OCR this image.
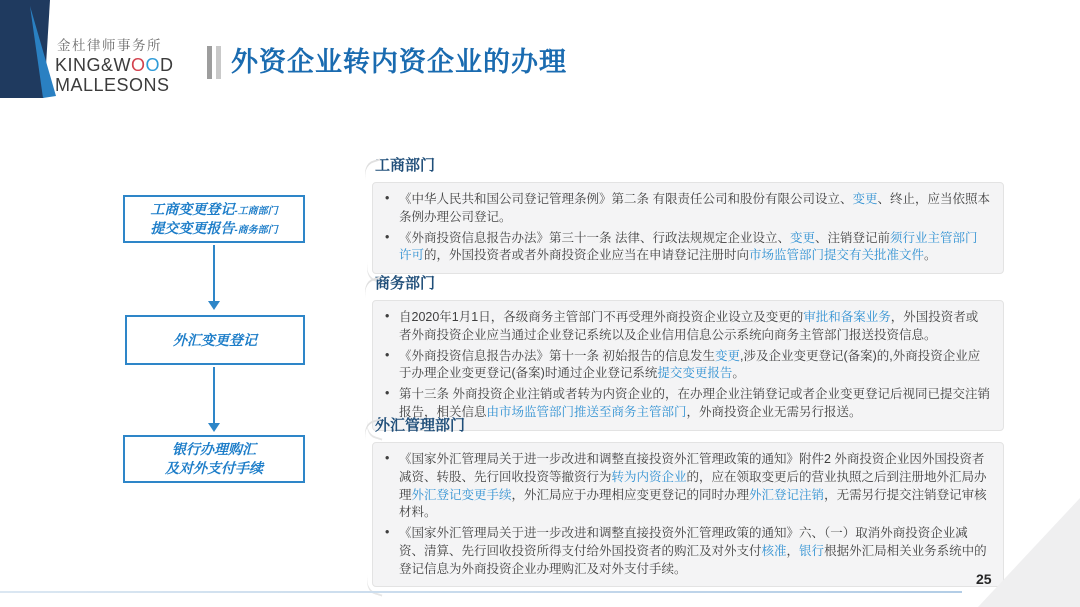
金杜律师事务所

KING&WOOD

MALLESONS

外资企业转内资企业的办理
工商变更登记-工商部门
提交变更报告-商务部门
外汇变更登记
银行办理购汇
及对外支付手续
工商部门
• 《中华人民共和国公司登记管理条例》第二条 有限责任公司和股份有限公司设立、变更、终止，应当依照本条例办理公司登记。
• 《外商投资信息报告办法》第三十一条 法律、行政法规规定企业设立、变更、注销登记前须行业主管部门许可的，外国投资者或者外商投资企业应当在申请登记注册时向市场监管部门提交有关批准文件。
商务部门
• 自2020年1月1日，各级商务主管部门不再受理外商投资企业设立及变更的审批和备案业务，外国投资者或者外商投资企业应当通过企业登记系统以及企业信用信息公示系统向商务主管部门报送投资信息。
• 《外商投资信息报告办法》第十一条 初始报告的信息发生变更,涉及企业变更登记(备案)的,外商投资企业应于办理企业变更登记(备案)时通过企业登记系统提交变更报告。
• 第十三条 外商投资企业注销或者转为内资企业的，在办理企业注销登记或者企业变更登记后视同已提交注销报告，相关信息由市场监管部门推送至商务主管部门，外商投资企业无需另行报送。
外汇管理部门
• 《国家外汇管理局关于进一步改进和调整直接投资外汇管理政策的通知》附件2 外商投资企业因外国投资者减资、转股、先行回收投资等撤资行为转为内资企业的，应在领取变更后的营业执照之后到注册地外汇局办理外汇登记变更手续，外汇局应于办理相应变更登记的同时办理外汇登记注销，无需另行提交注销登记审核材料。
• 《国家外汇管理局关于进一步改进和调整直接投资外汇管理政策的通知》六、（一）取消外商投资企业减资、清算、先行回收投资所得支付给外国投资者的购汇及对外支付核准，银行根据外汇局相关业务系统中的登记信息为外商投资企业办理购汇及对外支付手续。
25
